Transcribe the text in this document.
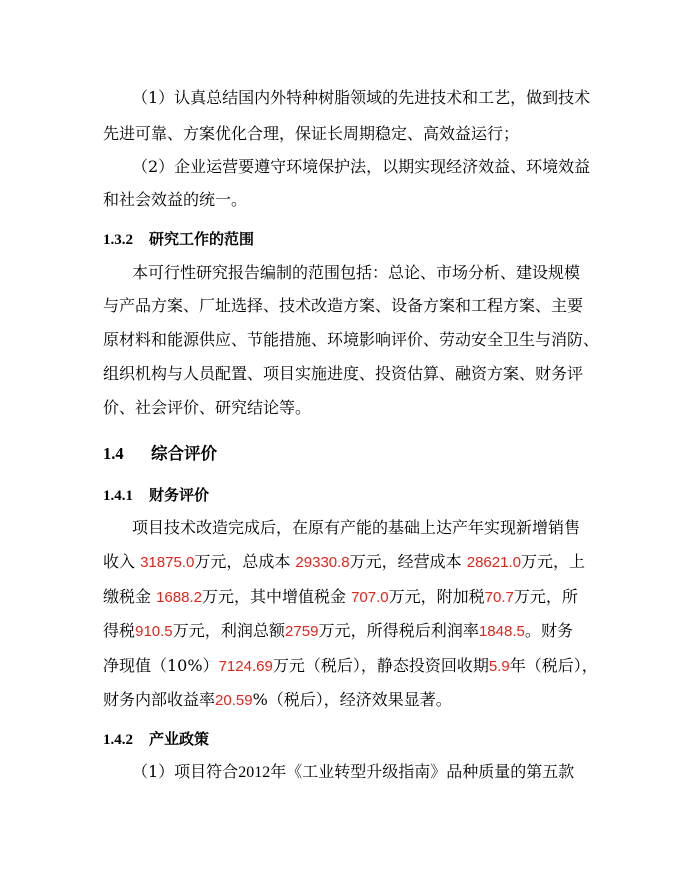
（1）认真总结国内外特种树脂领域的先进技术和工艺，做到技术
先进可靠、方案优化合理，保证长周期稳定、高效益运行；
（2）企业运营要遵守环境保护法，以期实现经济效益、环境效益
和社会效益的统一。
1.3.2 研究工作的范围
本可行性研究报告编制的范围包括：总论、市场分析、建设规模
与产品方案、厂址选择、技术改造方案、设备方案和工程方案、主要
原材料和能源供应、节能措施、环境影响评价、劳动安全卫生与消防、
组织机构与人员配置、项目实施进度、投资估算、融资方案、财务评
价、社会评价、研究结论等。
1.4 综合评价
1.4.1 财务评价
项目技术改造完成后，在原有产能的基础上达产年实现新增销售
收入 31875.0万元，总成本 29330.8万元，经营成本 28621.0万元，上
缴税金 1688.2万元，其中增值税金 707.0万元，附加税70.7万元，所
得税910.5万元，利润总额2759万元，所得税后利润率1848.5。财务
净现值（10%）7124.69万元（税后），静态投资回收期5.9年（税后），
财务内部收益率20.59%（税后），经济效果显著。
1.4.2 产业政策
（1）项目符合2012年《工业转型升级指南》品种质量的第五款
